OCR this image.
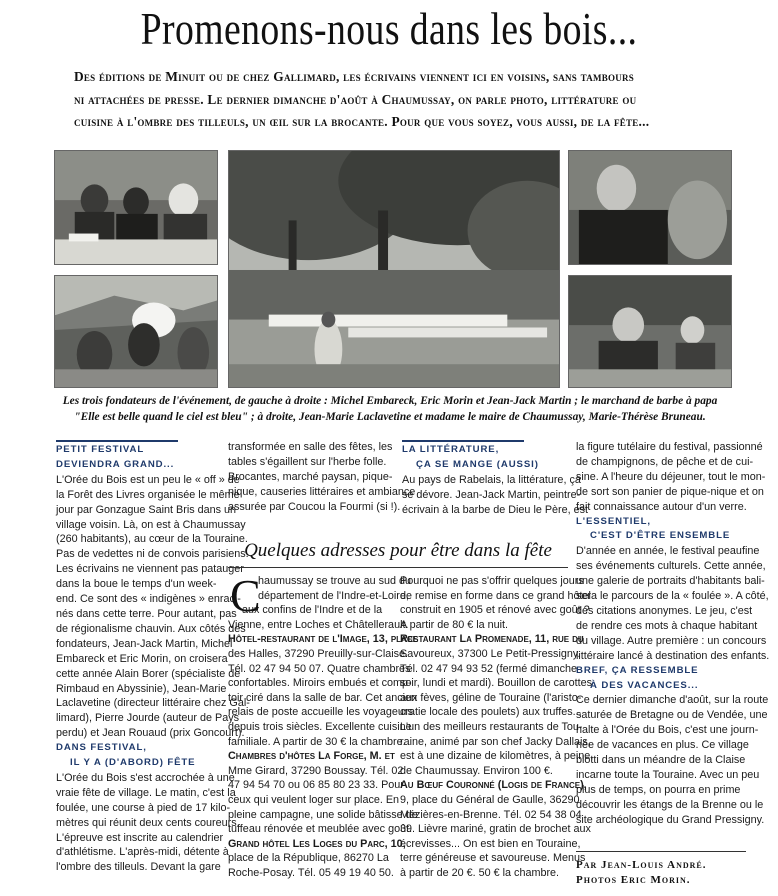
Promenons-nous dans les bois...
Des éditions de Minuit ou de chez Gallimard, les écrivains viennent ici en voisins, sans tambours
ni attachées de presse. Le dernier dimanche d'août à Chaumussay, on parle photo, littérature ou
cuisine à l'ombre des tilleuls, un œil sur la brocante. Pour que vous soyez, vous aussi, de la fête...
Les trois fondateurs de l'événement, de gauche à droite : Michel Embareck, Eric Morin et Jean-Jack Martin ; le marchand de barbe à papa
"Elle est belle quand le ciel est bleu" ; à droite, Jean-Marie Laclavetine et madame le maire de Chaumussay, Marie-Thérèse Bruneau.
PETIT FESTIVAL
DEVIENDRA GRAND...
L'Orée du Bois est un peu le « off » de
la Forêt des Livres organisée le même
jour par Gonzague Saint Bris dans un
village voisin. Là, on est à Chaumussay
(260 habitants), au cœur de la Touraine.
Pas de vedettes ni de convois parisiens.
Les écrivains ne viennent pas patauger
dans la boue le temps d'un week-
end. Ce sont des « indigènes » enraci-
nés dans cette terre. Pour autant, pas
de régionalisme chauvin. Aux côtés des
fondateurs, Jean-Jack Martin, Michel
Embareck et Eric Morin, on croisera
cette année Alain Borer (spécialiste de
Rimbaud en Abyssinie), Jean-Marie
Laclavetine (directeur littéraire chez Gal-
limard), Pierre Jourde (auteur de Pays
perdu) et Jean Rouaud (prix Goncourt).
DANS FESTIVAL,
IL Y A (D'ABORD) FÊTE
L'Orée du Bois s'est accrochée à une
vraie fête de village. Le matin, c'est la
foulée, une course à pied de 17 kilo-
mètres qui réunit deux cents coureurs.
L'épreuve est inscrite au calendrier
d'athlétisme. L'après-midi, détente à
l'ombre des tilleuls. Devant la gare
transformée en salle des fêtes, les
tables s'égaillent sur l'herbe folle.
Brocantes, marché paysan, pique-
nique, causeries littéraires et ambiance
assurée par Coucou la Fourmi (si !).
LA LITTÉRATURE,
ÇA SE MANGE (AUSSI)
Au pays de Rabelais, la littérature, ça
se dévore. Jean-Jack Martin, peintre-
écrivain à la barbe de Dieu le Père, est
la figure tutélaire du festival, passionné
de champignons, de pêche et de cui-
sine. A l'heure du déjeuner, tout le mon-
de sort son panier de pique-nique et on
fait connaissance autour d'un verre.
L'ESSENTIEL,
C'EST D'ÊTRE ENSEMBLE
D'année en année, le festival peaufine
ses événements culturels. Cette année,
une galerie de portraits d'habitants bali-
sera le parcours de la « foulée ». A côté,
des citations anonymes. Le jeu, c'est
de rendre ces mots à chaque habitant
du village. Autre première : un concours
littéraire lancé à destination des enfants.
BREF, ÇA RESSEMBLE
À DES VACANCES...
Ce dernier dimanche d'août, sur la route
saturée de Bretagne ou de Vendée, une
halte à l'Orée du Bois, c'est une journ-
née de vacances en plus. Ce village
blotti dans un méandre de la Claise
incarne toute la Touraine. Avec un peu
plus de temps, on pourra en prime
découvrir les étangs de la Brenne ou le
site archéologique du Grand Pressigny.
Par Jean-Louis André.
Photos Eric Morin.
Quelques adresses pour être dans la fête
C
haumussay se trouve au sud du
département de l'Indre-et-Loire,
aux confins de l'Indre et de la
Vienne, entre Loches et Châtellerault.
Hôtel-restaurant de l'Image, 13, place
des Halles, 37290 Preuilly-sur-Claise.
Tél. 02 47 94 50 07. Quatre chambres
confortables. Miroirs embués et comp-
toir ciré dans la salle de bar. Cet ancien
relais de poste accueille les voyageurs
depuis trois siècles. Excellente cuisine
familiale. A partir de 30 € la chambre.
Chambres d'hôtes La Forge, M. et
Mme Girard, 37290 Boussay. Tél. 02
47 94 54 70 ou 06 85 80 23 33. Pour
ceux qui veulent loger sur place. En
pleine campagne, une solide bâtisse de
tuffeau rénovée et meublée avec goût.
Grand hôtel Les Loges du Parc, 10,
place de la République, 86270 La
Roche-Posay. Tél. 05 49 19 40 50.
Pourquoi ne pas s'offrir quelques jours
de remise en forme dans ce grand hôtel
construit en 1905 et rénové avec goût ?
A partir de 80 € la nuit.
Restaurant La Promenade, 11, rue du
Savoureux, 37300 Le Petit-Pressigny.
Tél. 02 47 94 93 52 (fermé dimanche
soir, lundi et mardi). Bouillon de carottes
aux fèves, géline de Touraine (l'aristo-
cratie locale des poulets) aux truffes...
L'un des meilleurs restaurants de Tou-
raine, animé par son chef Jacky Dallais,
est à une dizaine de kilomètres, à peine,
de Chaumussay. Environ 100 €.
Au Bœuf Couronné (Logis de France),
9, place du Général de Gaulle, 36290
Mézières-en-Brenne. Tél. 02 54 38 04
39. Lièvre mariné, gratin de brochet aux
écrevisses... On est bien en Touraine,
terre généreuse et savoureuse. Menus
à partir de 20 €. 50 € la chambre.
